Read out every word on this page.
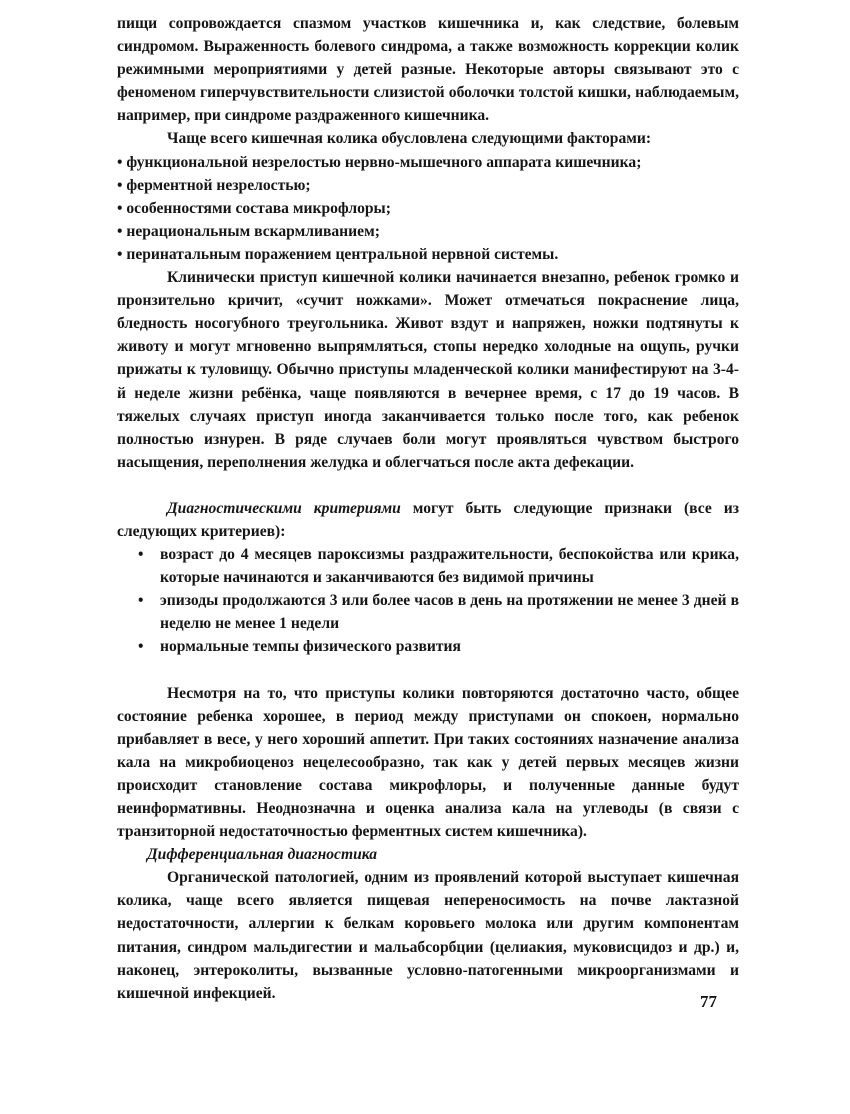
пищи сопровождается спазмом участков кишечника и, как следствие, болевым синдромом. Выраженность болевого синдрома, а также возможность коррекции колик режимными мероприятиями у детей разные. Некоторые авторы связывают это с феноменом гиперчувствительности слизистой оболочки толстой кишки, наблюдаемым, например, при синдроме раздраженного кишечника.

Чаще всего кишечная колика обусловлена следующими факторами:

• функциональной незрелостью нервно-мышечного аппарата кишечника;
• ферментной незрелостью;
• особенностями состава микрофлоры;
• нерациональным вскармливанием;
• перинатальным поражением центральной нервной системы.

Клинически приступ кишечной колики начинается внезапно, ребенок громко и пронзительно кричит, «сучит ножками». Может отмечаться покраснение лица, бледность носогубного треугольника. Живот вздут и напряжен, ножки подтянуты к животу и могут мгновенно выпрямляться, стопы нередко холодные на ощупь, ручки прижаты к туловищу. Обычно приступы младенческой колики манифестируют на 3-4-й неделе жизни ребёнка, чаще появляются в вечернее время, с 17 до 19 часов. В тяжелых случаях приступ иногда заканчивается только после того, как ребенок полностью изнурен. В ряде случаев боли могут проявляться чувством быстрого насыщения, переполнения желудка и облегчаться после акта дефекации.

Диагностическими критериями могут быть следующие признаки (все из следующих критериев):

• возраст до 4 месяцев пароксизмы раздражительности, беспокойства или крика, которые начинаются и заканчиваются без видимой причины
• эпизоды продолжаются 3 или более часов в день на протяжении не менее 3 дней в неделю не менее 1 недели
• нормальные темпы физического развития

Несмотря на то, что приступы колики повторяются достаточно часто, общее состояние ребенка хорошее, в период между приступами он спокоен, нормально прибавляет в весе, у него хороший аппетит. При таких состояниях назначение анализа кала на микробиоценоз нецелесообразно, так как у детей первых месяцев жизни происходит становление состава микрофлоры, и полученные данные будут неинформативны. Неоднозначна и оценка анализа кала на углеводы (в связи с транзиторной недостаточностью ферментных систем кишечника).

Дифференциальная диагностика

Органической патологией, одним из проявлений которой выступает кишечная колика, чаще всего является пищевая непереносимость на почве лактазной недостаточности, аллергии к белкам коровьего молока или другим компонентам питания, синдром мальдигестии и мальабсорбции (целиакия, муковисцидоз и др.) и, наконец, энтероколиты, вызванные условно-патогенными микроорганизмами и кишечной инфекцией.	77
